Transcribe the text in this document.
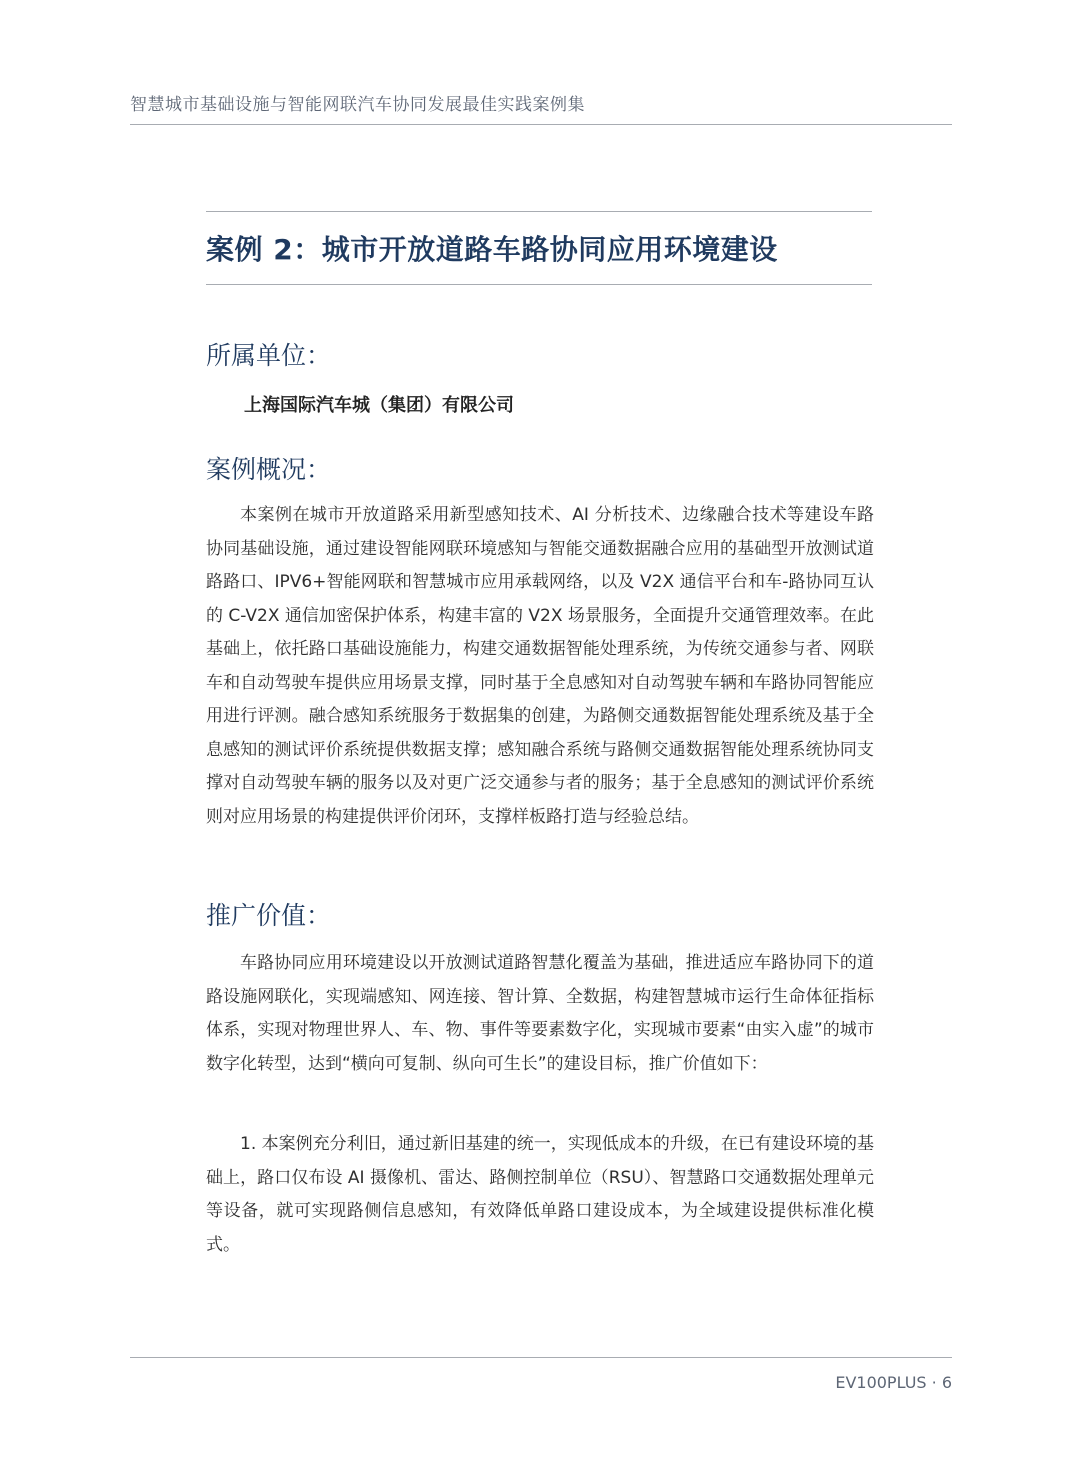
智慧城市基础设施与智能网联汽车协同发展最佳实践案例集
案例 2：城市开放道路车路协同应用环境建设
所属单位：
上海国际汽车城（集团）有限公司
案例概况：

本案例在城市开放道路采用新型感知技术、AI 分析技术、边缘融合技术等建设车路协同基础设施，通过建设智能网联环境感知与智能交通数据融合应用的基础型开放测试道路路口、IPV6+智能网联和智慧城市应用承载网络，以及 V2X 通信平台和车-路协同互认的 C-V2X 通信加密保护体系，构建丰富的 V2X 场景服务，全面提升交通管理效率。在此基础上，依托路口基础设施能力，构建交通数据智能处理系统，为传统交通参与者、网联车和自动驾驶车提供应用场景支撑，同时基于全息感知对自动驾驶车辆和车路协同智能应用进行评测。融合感知系统服务于数据集的创建，为路侧交通数据智能处理系统及基于全息感知的测试评价系统提供数据支撑；感知融合系统与路侧交通数据智能处理系统协同支撑对自动驾驶车辆的服务以及对更广泛交通参与者的服务；基于全息感知的测试评价系统则对应用场景的构建提供评价闭环，支撑样板路打造与经验总结。

推广价值：

车路协同应用环境建设以开放测试道路智慧化覆盖为基础，推进适应车路协同下的道路设施网联化，实现端感知、网连接、智计算、全数据，构建智慧城市运行生命体征指标体系，实现对物理世界人、车、物、事件等要素数字化，实现城市要素“由实入虚”的城市数字化转型，达到“横向可复制、纵向可生长”的建设目标，推广价值如下：

1. 本案例充分利旧，通过新旧基建的统一，实现低成本的升级，在已有建设环境的基础上，路口仅布设 AI 摄像机、雷达、路侧控制单位（RSU）、智慧路口交通数据处理单元等设备，就可实现路侧信息感知，有效降低单路口建设成本，为全域建设提供标准化模式。

EV100PLUS · 6
